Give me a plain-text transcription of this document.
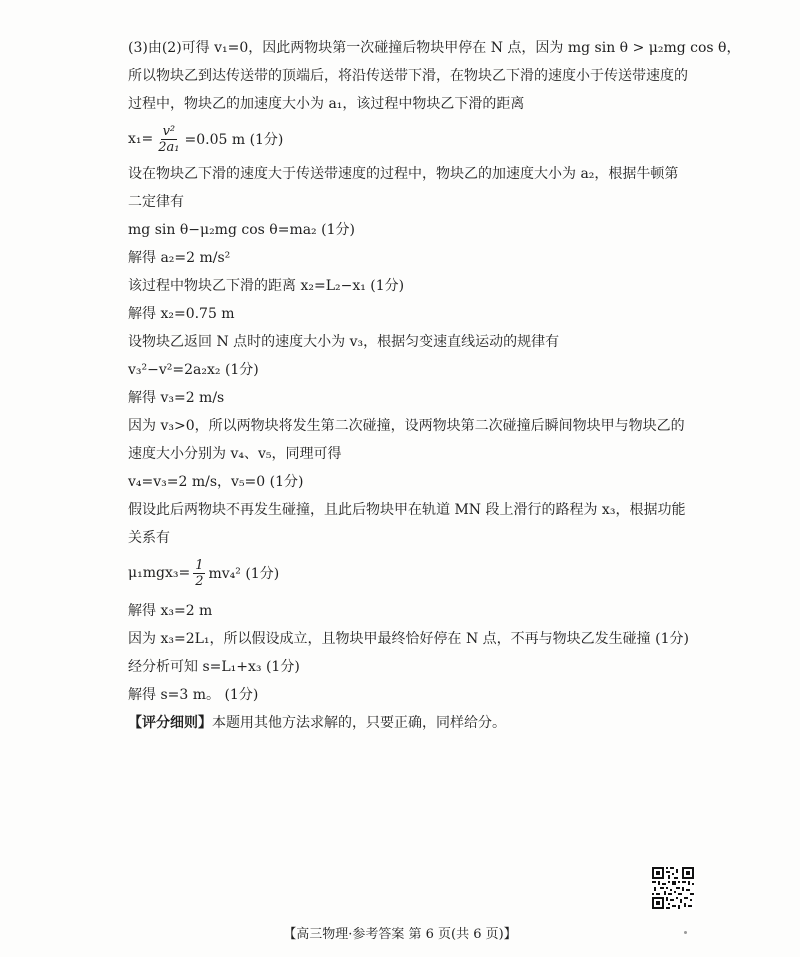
(3)由(2)可得 v₁=0，因此两物块第一次碰撞后物块甲停在 N 点，因为 mg sin θ > μ₂mg cos θ，

所以物块乙到达传送带的顶端后，将沿传送带下滑，在物块乙下滑的速度小于传送带速度的

过程中，物块乙的加速度大小为 a₁，该过程中物块乙下滑的距离

$x_1= \frac{\text{v²}}{\text{2a₁}} =0.05$ m (1分)

设在物块乙下滑的速度大于传送带速度的过程中，物块乙的加速度大小为 a₂，根据牛顿第

二定律有

mg sin θ−μ₂mg cos θ=ma₂ (1分)

解得 a₂=2 m/s²

该过程中物块乙下滑的距离 x₂=L₂−x₁ (1分)

解得 x₂=0.75 m

设物块乙返回 N 点时的速度大小为 v₃，根据匀变速直线运动的规律有

v₃²−v²=2a₂x₂ (1分)

解得 v₃=2 m/s

因为 v₃>0，所以两物块将发生第二次碰撞，设两物块第二次碰撞后瞬间物块甲与物块乙的

速度大小分别为 v₄、v₅，同理可得

v₄=v₃=2 m/s，v₅=0 (1分)

假设此后两物块不再发生碰撞，且此后物块甲在轨道 MN 段上滑行的路程为 x₃，根据功能

关系有

$\mu_1mgx_3= \frac{1}{2} mv_4^2$ (1分)

解得 x₃=2 m

因为 x₃=2L₁，所以假设成立，且物块甲最终恰好停在 N 点，不再与物块乙发生碰撞 (1分)

经分析可知 s=L₁+x₃ (1分)

解得 s=3 m。 (1分)

【评分细则】本题用其他方法求解的，只要正确，同样给分。

【高三物理·参考答案 第 6 页(共 6 页)】
